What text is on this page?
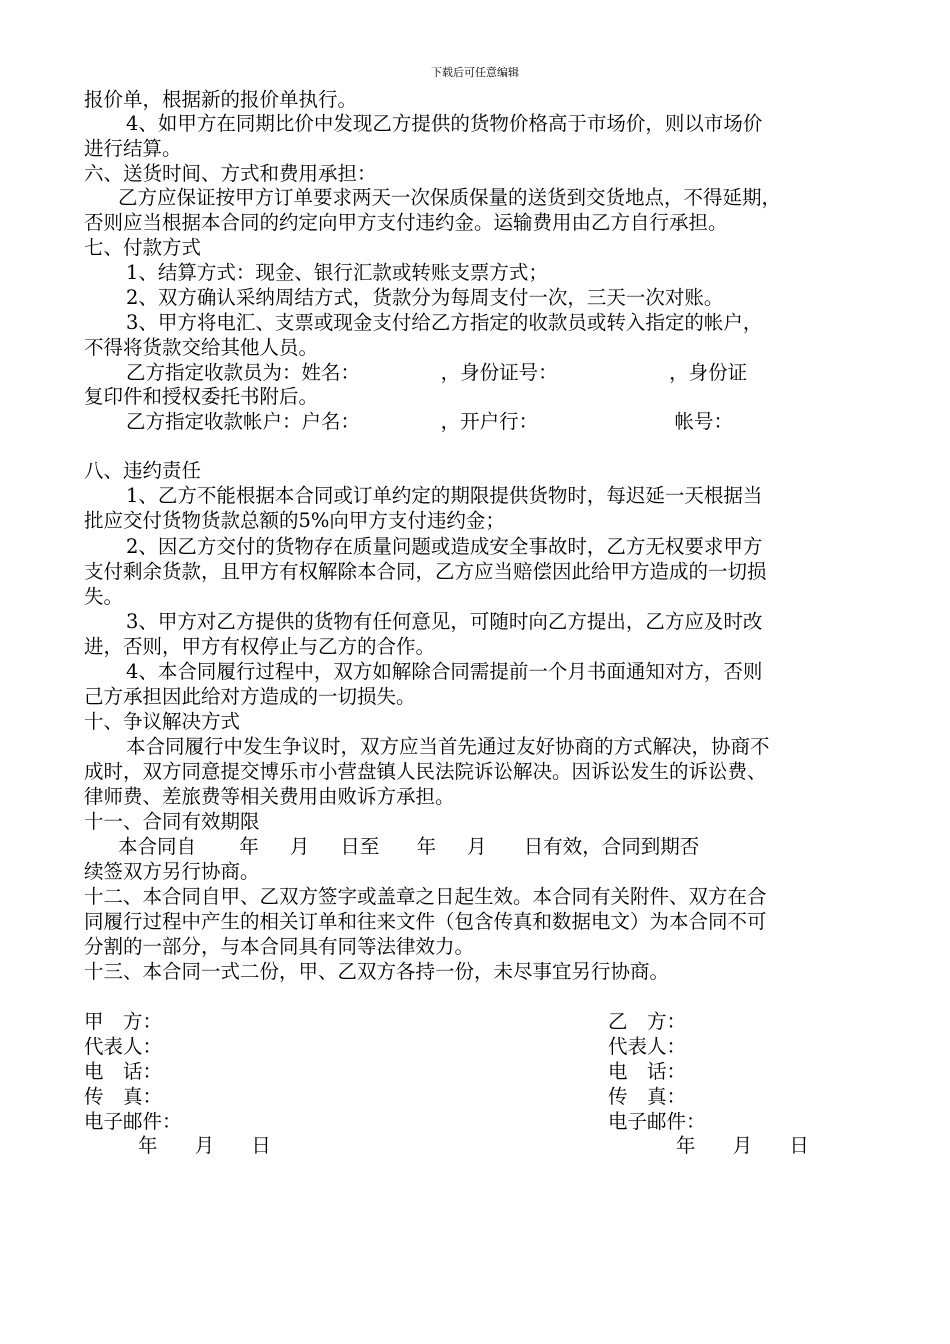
下载后可任意编辑
报价单，根据新的报价单执行。
4、如甲方在同期比价中发现乙方提供的货物价格高于市场价，则以市场价
进行结算。
六、送货时间、方式和费用承担：
乙方应保证按甲方订单要求两天一次保质保量的送货到交货地点，不得延期，
否则应当根据本合同的约定向甲方支付违约金。运输费用由乙方自行承担。
七、付款方式
1、结算方式：现金、银行汇款或转账支票方式；
2、双方确认采纳周结方式，货款分为每周支付一次，三天一次对账。
3、甲方将电汇、支票或现金支付给乙方指定的收款员或转入指定的帐户，
不得将货款交给其他人员。
乙方指定收款员为：姓名：             ，身份证号：                  ，身份证
复印件和授权委托书附后。
乙方指定收款帐户：户名：             ，开户行：                      帐号：
八、违约责任
1、乙方不能根据本合同或订单约定的期限提供货物时，每迟延一天根据当
批应交付货物货款总额的5%向甲方支付违约金；
2、因乙方交付的货物存在质量问题或造成安全事故时，乙方无权要求甲方
支付剩余货款，且甲方有权解除本合同，乙方应当赔偿因此给甲方造成的一切损
失。
3、甲方对乙方提供的货物有任何意见，可随时向乙方提出，乙方应及时改
进，否则，甲方有权停止与乙方的合作。
4、本合同履行过程中，双方如解除合同需提前一个月书面通知对方，否则
己方承担因此给对方造成的一切损失。
十、争议解决方式
本合同履行中发生争议时，双方应当首先通过友好协商的方式解决，协商不
成时，双方同意提交博乐市小营盘镇人民法院诉讼解决。因诉讼发生的诉讼费、
律师费、差旅费等相关费用由败诉方承担。
十一、合同有效期限
本合同自       年     月     日至      年     月      日有效，合同到期否
续签双方另行协商。
十二、本合同自甲、乙双方签字或盖章之日起生效。本合同有关附件、双方在合
同履行过程中产生的相关订单和往来文件（包含传真和数据电文）为本合同不可
分割的一部分，与本合同具有同等法律效力。
十三、本合同一式二份，甲、乙双方各持一份，未尽事宜另行协商。
甲　方：
代表人：
电　话：
传　真：
电子邮件：
年      月      日
乙　方：
代表人：
电　话：
传　真：
电子邮件：
年      月      日
